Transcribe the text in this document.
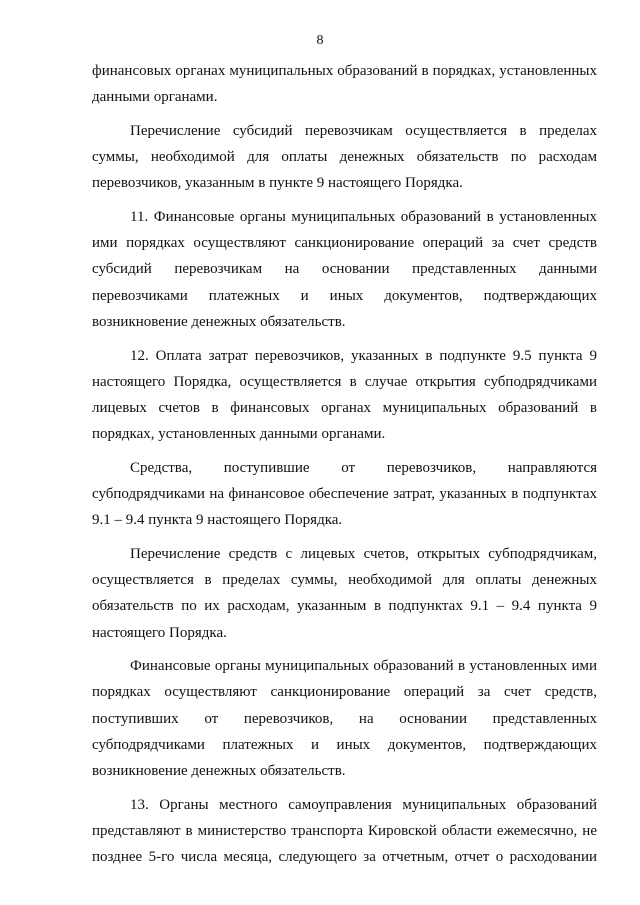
8

финансовых органах муниципальных образований в порядках, установленных данными органами.

Перечисление субсидий перевозчикам осуществляется в пределах суммы, необходимой для оплаты денежных обязательств по расходам перевозчиков, указанным в пункте 9 настоящего Порядка.

11. Финансовые органы муниципальных образований в установленных ими порядках осуществляют санкционирование операций за счет средств субсидий перевозчикам на основании представленных данными перевозчиками платежных и иных документов, подтверждающих возникновение денежных обязательств.

12. Оплата затрат перевозчиков, указанных в подпункте 9.5 пункта 9 настоящего Порядка, осуществляется в случае открытия субподрядчиками лицевых счетов в финансовых органах муниципальных образований в порядках, установленных данными органами.

Средства, поступившие от перевозчиков, направляются субподрядчиками на финансовое обеспечение затрат, указанных в подпунктах 9.1 – 9.4 пункта 9 настоящего Порядка.

Перечисление средств с лицевых счетов, открытых субподрядчикам, осуществляется в пределах суммы, необходимой для оплаты денежных обязательств по их расходам, указанным в подпунктах 9.1 – 9.4 пункта 9 настоящего Порядка.

Финансовые органы муниципальных образований в установленных ими порядках осуществляют санкционирование операций за счет средств, поступивших от перевозчиков, на основании представленных субподрядчиками платежных и иных документов, подтверждающих возникновение денежных обязательств.

13. Органы местного самоуправления муниципальных образований представляют в министерство транспорта Кировской области ежемесячно, не позднее 5-го числа месяца, следующего за отчетным, отчет о расходовании
